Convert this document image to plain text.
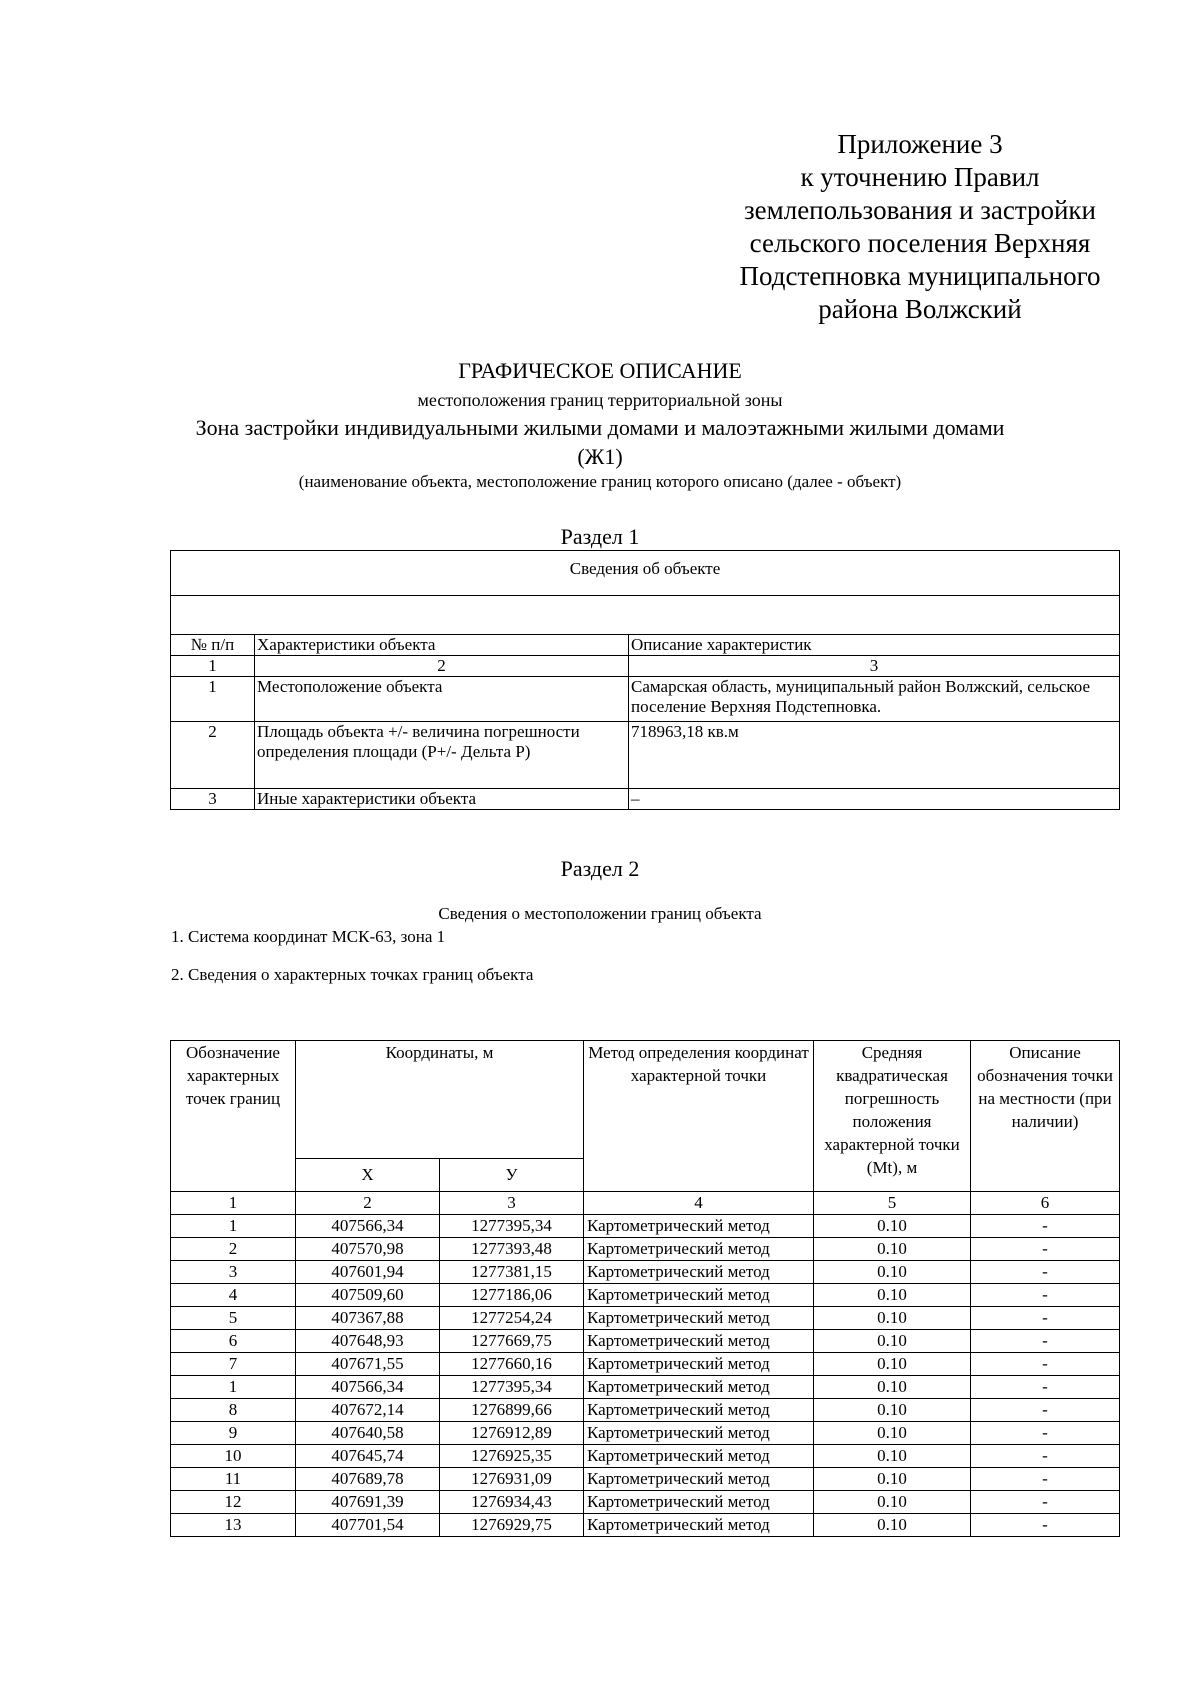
Приложение 3
к уточнению Правил
землепользования и застройки
сельского поселения Верхняя
Подстепновка муниципального
района Волжский
ГРАФИЧЕСКОЕ ОПИСАНИЕ
местоположения границ территориальной зоны
Зона застройки индивидуальными жилыми домами и малоэтажными жилыми домами
(Ж1)
(наименование объекта, местоположение границ которого описано (далее - объект)
Раздел 1
Сведения об объекте		

№ п/п	Характеристики объекта	Описание характеристик
1	2	3
1	Местоположение объекта	Самарская область, муниципальный район Волжский, сельское поселение Верхняя Подстепновка.
2	Площадь объекта +/- величина погрешности определения площади (Р+/- Дельта Р)	718963,18 кв.м
3	Иные характеристики объекта	–
Раздел 2
Сведения о местоположении границ объекта
1. Система координат МСК-63, зона 1
2. Сведения о характерных точках границ объекта
Обозначение характерных точек границ	Координаты, м		Метод определения координат характерной точки	Средняя квадратическая погрешность положения характерной точки (Mt), м	Описание обозначения точки на местности (при наличии)
	X	У			
1	2	3	4	5	6
1	407566,34	1277395,34	Картометрический метод	0.10	-
2	407570,98	1277393,48	Картометрический метод	0.10	-
3	407601,94	1277381,15	Картометрический метод	0.10	-
4	407509,60	1277186,06	Картометрический метод	0.10	-
5	407367,88	1277254,24	Картометрический метод	0.10	-
6	407648,93	1277669,75	Картометрический метод	0.10	-
7	407671,55	1277660,16	Картометрический метод	0.10	-
1	407566,34	1277395,34	Картометрический метод	0.10	-
8	407672,14	1276899,66	Картометрический метод	0.10	-
9	407640,58	1276912,89	Картометрический метод	0.10	-
10	407645,74	1276925,35	Картометрический метод	0.10	-
11	407689,78	1276931,09	Картометрический метод	0.10	-
12	407691,39	1276934,43	Картометрический метод	0.10	-
13	407701,54	1276929,75	Картометрический метод	0.10	-
